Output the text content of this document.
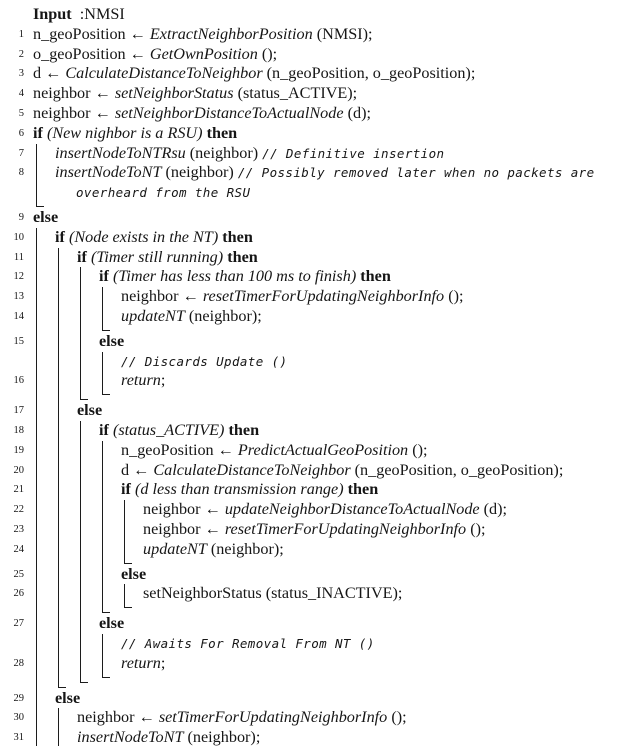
Input  :NMSI
1 n_geoPosition ← ExtractNeighborPosition (NMSI);
2 o_geoPosition ← GetOwnPosition ();
3 d ← CalculateDistanceToNeighbor (n_geoPosition, o_geoPosition);
4 neighbor ← setNeighborStatus (status_ACTIVE);
5 neighbor ← setNeighborDistanceToActualNode (d);
6 if (New nighbor is a RSU) then
7 insertNodeToNTRsu (neighbor) // Definitive insertion
8 insertNodeToNT (neighbor) // Possibly removed later when no packets are
overheard from the RSU
9 else
10 if (Node exists in the NT) then
11	if (Timer still running) then
12	if (Timer has less than 100 ms to finish) then
13	neighbor ← resetTimerForUpdatingNeighborInfo ();
14	updateNT (neighbor);
15	else
// Discards Update ()
16	return;
17	else
18	if (status_ACTIVE) then
19	n_geoPosition ← PredictActualGeoPosition ();
20	d ← CalculateDistanceToNeighbor (n_geoPosition, o_geoPosition);
21	if (d less than transmission range) then
22	neighbor ← updateNeighborDistanceToActualNode (d);
23	neighbor ← resetTimerForUpdatingNeighborInfo ();
24	updateNT (neighbor);
25	else
26	setNeighborStatus (status_INACTIVE);
27	else
// Awaits For Removal From NT ()
28	return;
29 else
30	neighbor ← setTimerForUpdatingNeighborInfo ();
31	insertNodeToNT (neighbor);
